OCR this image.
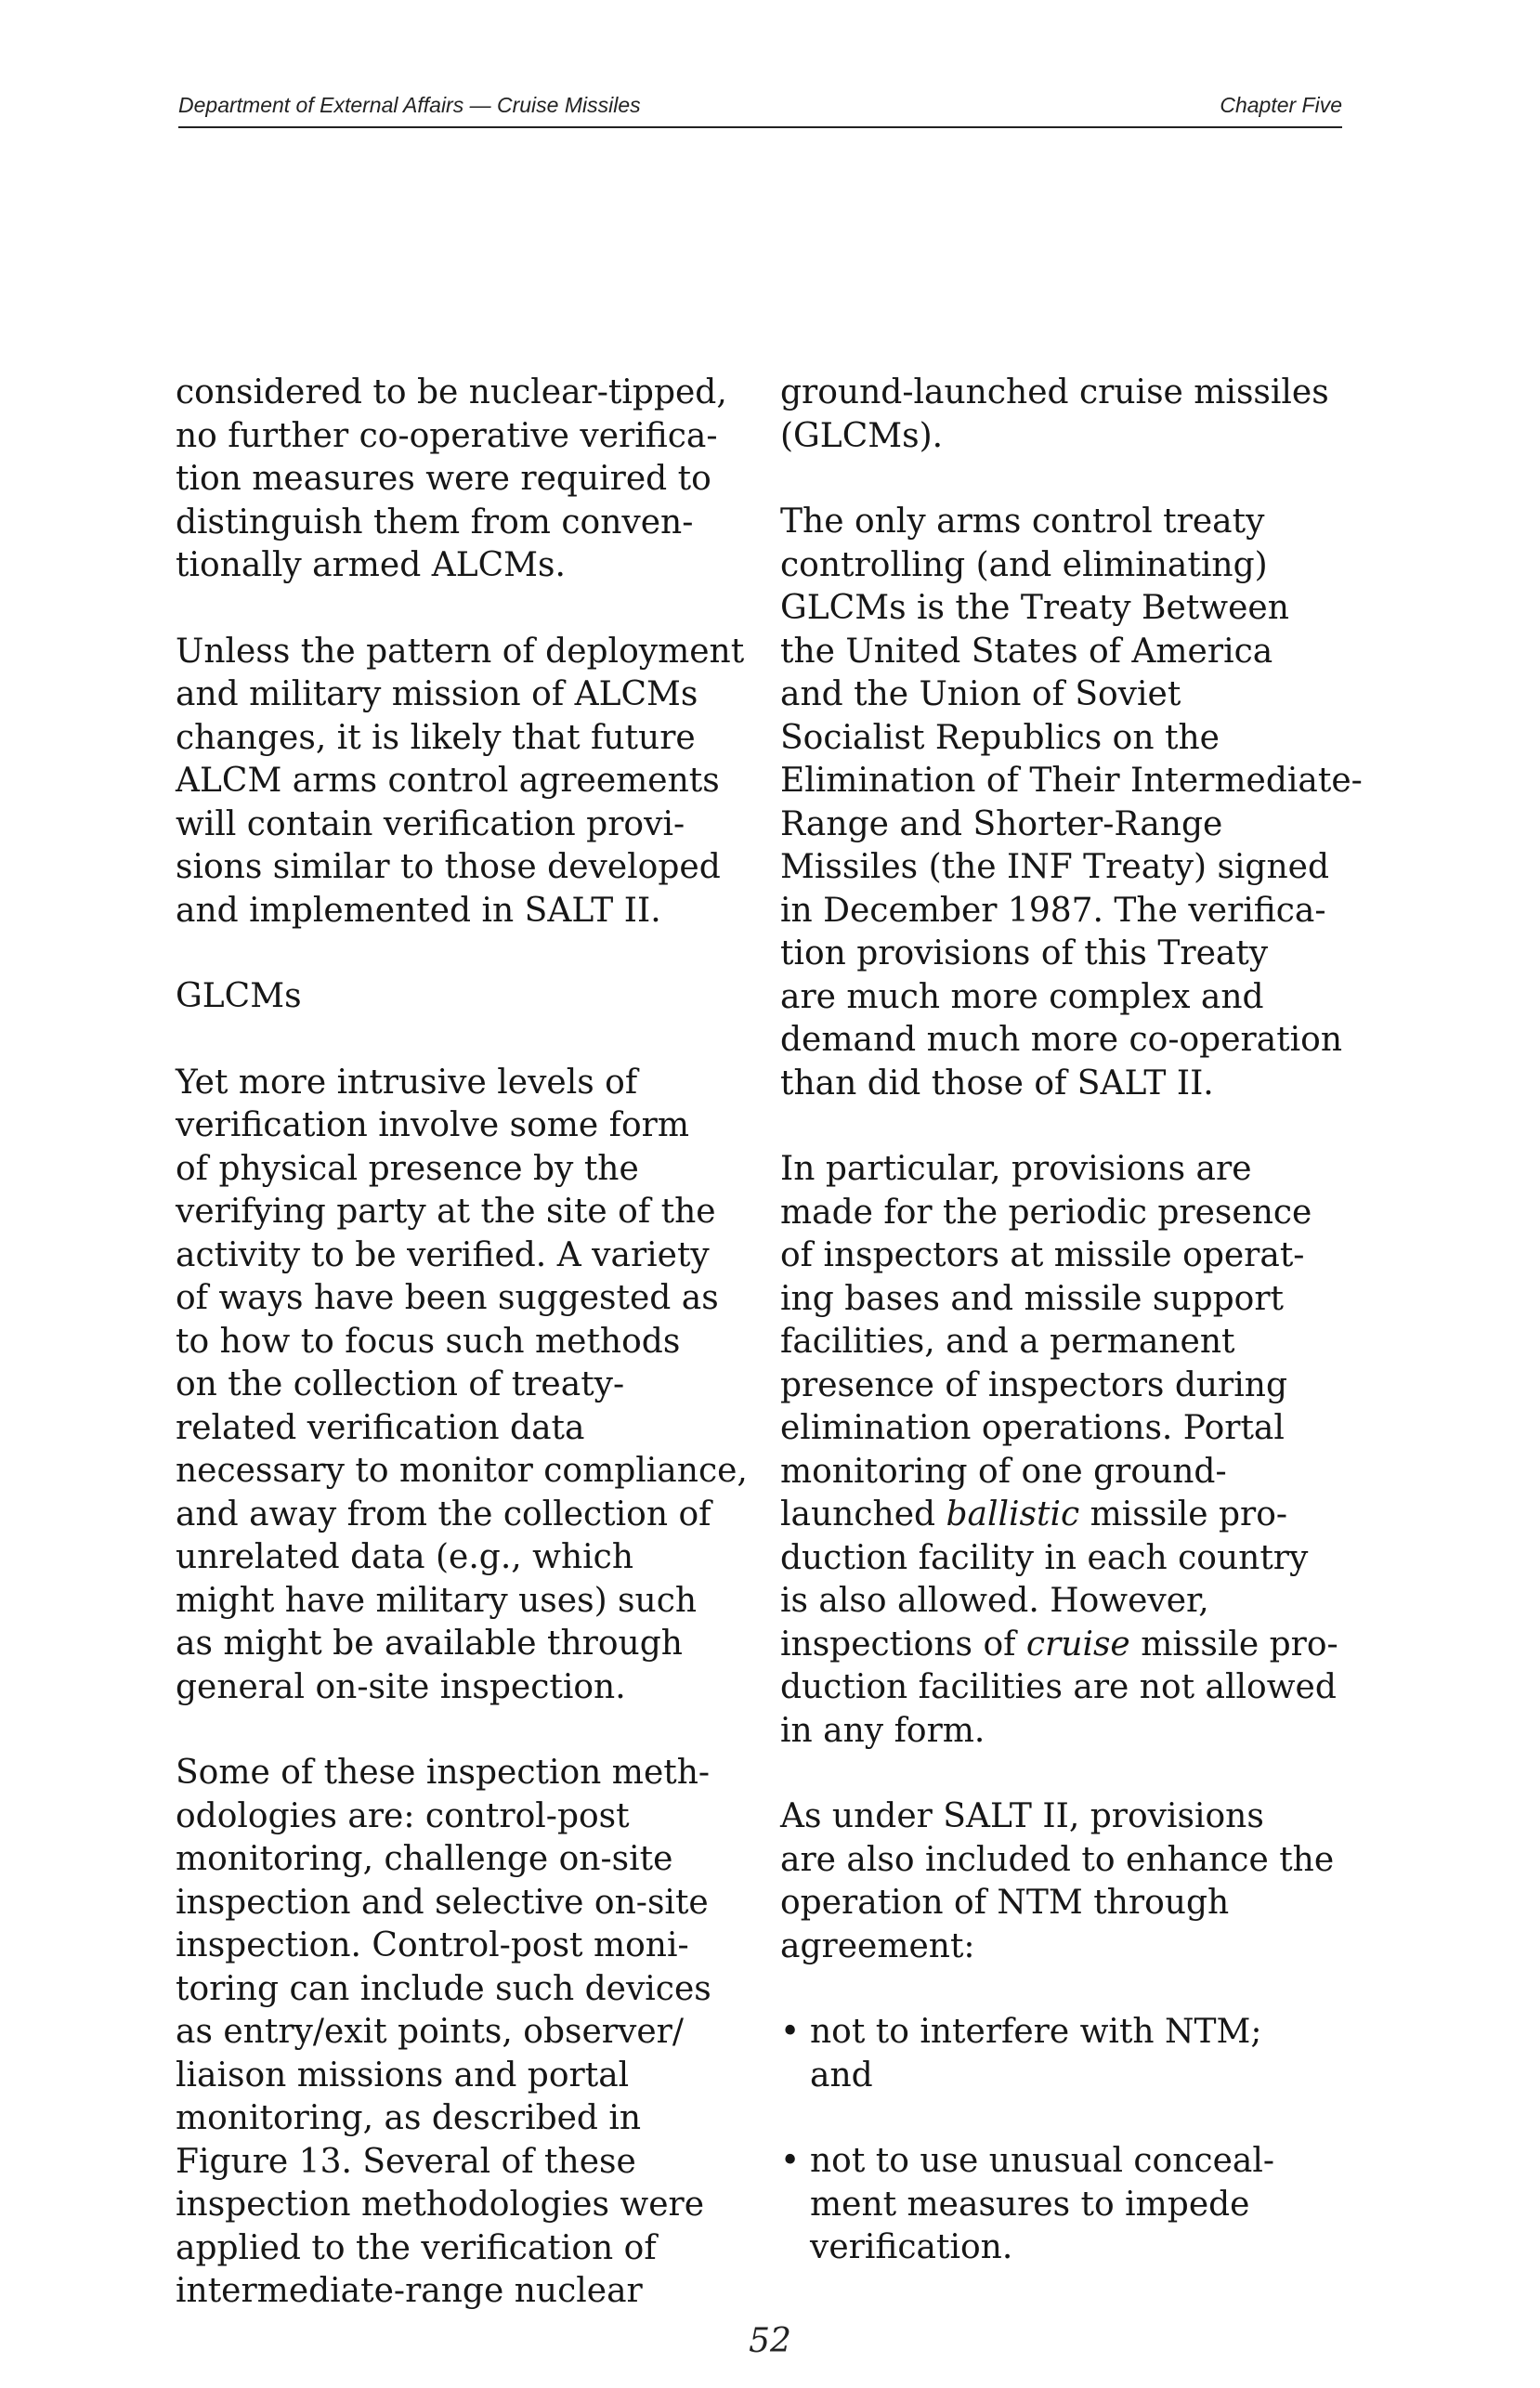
Department of External Affairs — Cruise Missiles	Chapter Five

considered to be nuclear-tipped,
no further co-operative verifica-
tion measures were required to
distinguish them from conven-
tionally armed ALCMs.

Unless the pattern of deployment
and military mission of ALCMs
changes, it is likely that future
ALCM arms control agreements
will contain verification provi-
sions similar to those developed
and implemented in SALT II.

GLCMs

Yet more intrusive levels of
verification involve some form
of physical presence by the
verifying party at the site of the
activity to be verified. A variety
of ways have been suggested as
to how to focus such methods
on the collection of treaty-
related verification data
necessary to monitor compliance,
and away from the collection of
unrelated data (e.g., which
might have military uses) such
as might be available through
general on-site inspection.

Some of these inspection meth-
odologies are: control-post
monitoring, challenge on-site
inspection and selective on-site
inspection. Control-post moni-
toring can include such devices
as entry/exit points, observer/
liaison missions and portal
monitoring, as described in
Figure 13. Several of these
inspection methodologies were
applied to the verification of
intermediate-range nuclear

ground-launched cruise missiles
(GLCMs).

The only arms control treaty
controlling (and eliminating)
GLCMs is the Treaty Between
the United States of America
and the Union of Soviet
Socialist Republics on the
Elimination of Their Intermediate-
Range and Shorter-Range
Missiles (the INF Treaty) signed
in December 1987. The verifica-
tion provisions of this Treaty
are much more complex and
demand much more co-operation
than did those of SALT II.

In particular, provisions are
made for the periodic presence
of inspectors at missile operat-
ing bases and missile support
facilities, and a permanent
presence of inspectors during
elimination operations. Portal
monitoring of one ground-
launched ballistic missile pro-
duction facility in each country
is also allowed. However,
inspections of cruise missile pro-
duction facilities are not allowed
in any form.

As under SALT II, provisions
are also included to enhance the
operation of NTM through
agreement:

• not to interfere with NTM;
and
• not to use unusual conceal-
ment measures to impede
verification.
52
